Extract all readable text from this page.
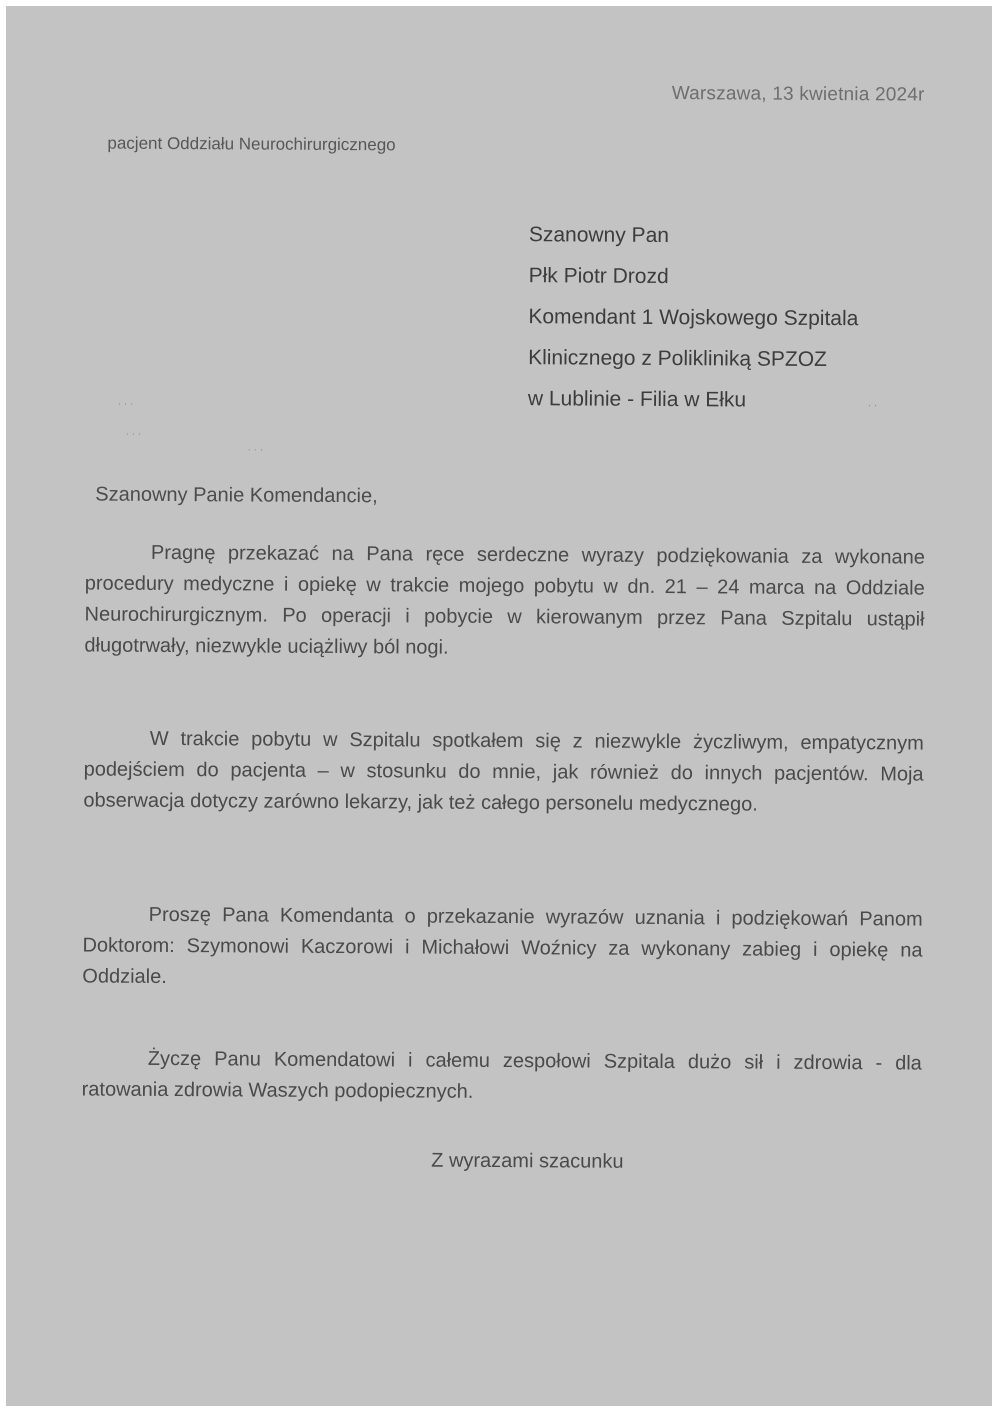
Warszawa, 13 kwietnia 2024r
pacjent Oddziału Neurochirurgicznego
Szanowny Pan
Płk Piotr Drozd
Komendant 1 Wojskowego Szpitala
Klinicznego z Polikliniką SPZOZ
w Lublinie - Filia w Ełku
Szanowny Panie Komendancie,

Pragnę przekazać na Pana ręce serdeczne wyrazy podziękowania za wykonane procedury medyczne i opiekę w trakcie mojego pobytu w dn. 21 – 24 marca na Oddziale Neurochirurgicznym. Po operacji i pobycie w kierowanym przez Pana Szpitalu ustąpił długotrwały, niezwykle uciążliwy ból nogi.

W trakcie pobytu w Szpitalu spotkałem się z niezwykle życzliwym, empatycznym podejściem do pacjenta – w stosunku do mnie, jak również do innych pacjentów. Moja obserwacja dotyczy zarówno lekarzy, jak też całego personelu medycznego.

Proszę Pana Komendanta o przekazanie wyrazów uznania i podziękowań Panom Doktorom: Szymonowi Kaczorowi i Michałowi Woźnicy za wykonany zabieg i opiekę na Oddziale.

Życzę Panu Komendatowi i całemu zespołowi Szpitala dużo sił i zdrowia - dla ratowania zdrowia Waszych podopiecznych.

Z wyrazami szacunku
· · ·
· · ·
· · ·
· ·
